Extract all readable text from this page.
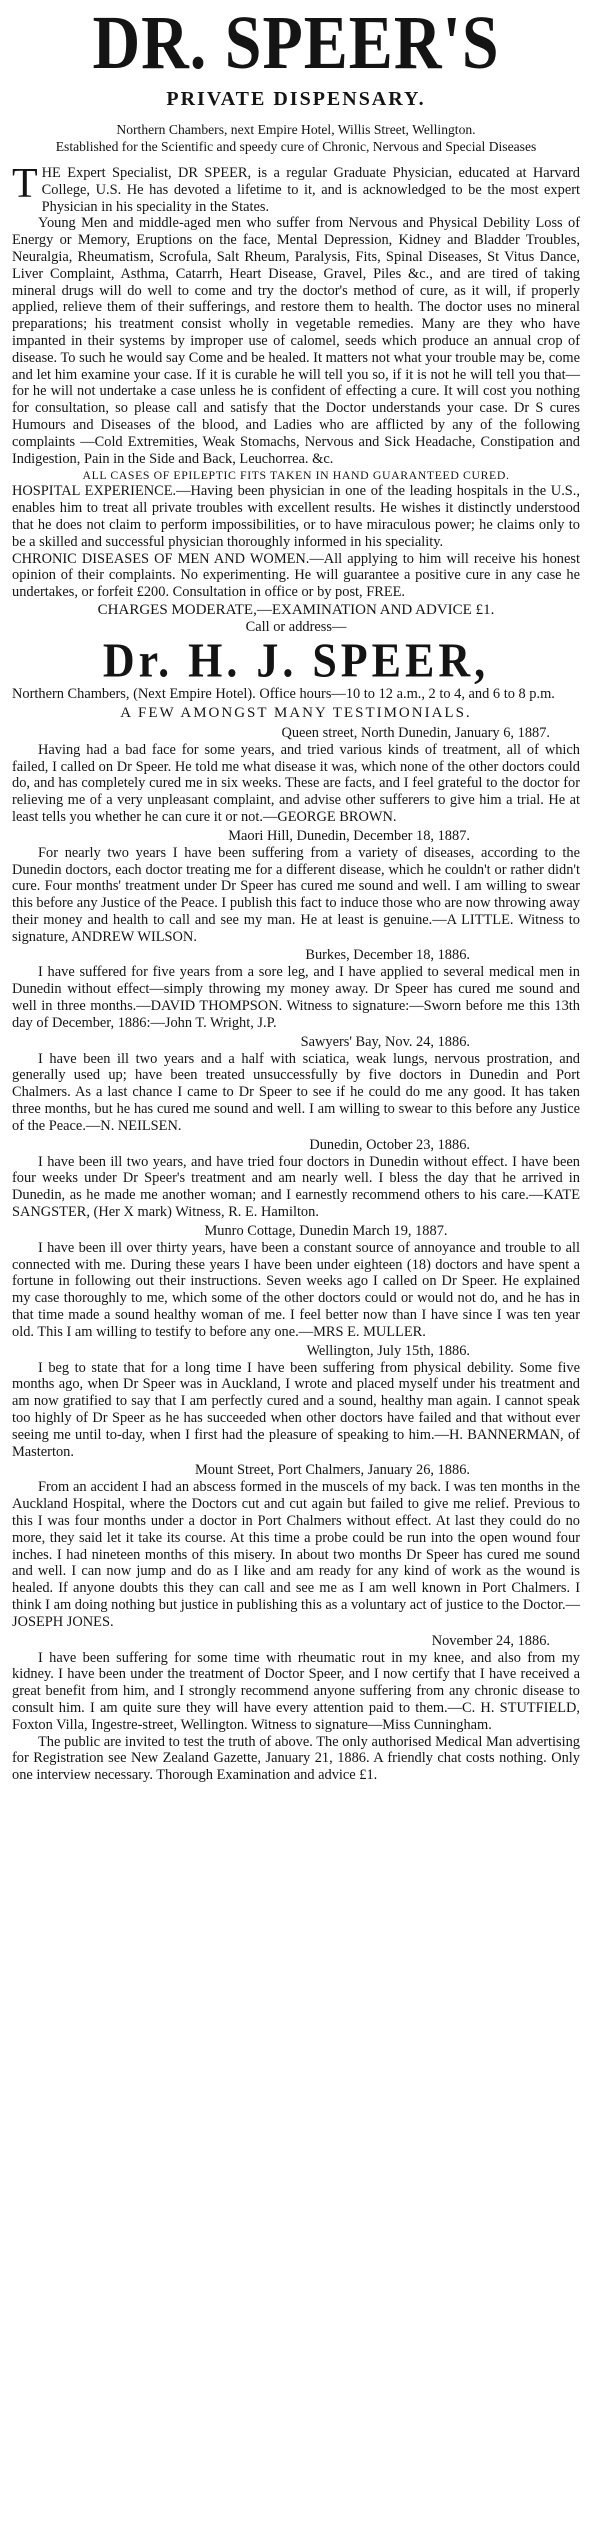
DR. SPEER'S
PRIVATE DISPENSARY.
Northern Chambers, next Empire Hotel, Willis Street, Wellington.
Established for the Scientific and speedy cure of Chronic, Nervous and Special Diseases

THE Expert Specialist, DR SPEER, is a regular Graduate Physician, educated at Harvard College, U.S. He has devoted a lifetime to it, and is acknowledged to be the most expert Physician in his speciality in the States.

Young Men and middle-aged men who suffer from Nervous and Physical Debility Loss of Energy or Memory, Eruptions on the face, Mental Depression, Kidney and Bladder Troubles, Neuralgia, Rheumatism, Scrofula, Salt Rheum, Paralysis, Fits, Spinal Diseases, St Vitus Dance, Liver Complaint, Asthma, Catarrh, Heart Disease, Gravel, Piles &c., and are tired of taking mineral drugs will do well to come and try the doctor's method of cure, as it will, if properly applied, relieve them of their sufferings, and restore them to health. The doctor uses no mineral preparations; his treatment consist wholly in vegetable remedies. Many are they who have impanted in their systems by improper use of calomel, seeds which produce an annual crop of disease. To such he would say Come and be healed. It matters not what your trouble may be, come and let him examine your case. If it is curable he will tell you so, if it is not he will tell you that—for he will not undertake a case unless he is confident of effecting a cure. It will cost you nothing for consultation, so please call and satisfy that the Doctor understands your case. Dr S cures Humours and Diseases of the blood, and Ladies who are afflicted by any of the following complaints —Cold Extremities, Weak Stomachs, Nervous and Sick Headache, Constipation and Indigestion, Pain in the Side and Back, Leuchorrea. &c.

ALL CASES OF EPILEPTIC FITS TAKEN IN HAND GUARANTEED CURED.

HOSPITAL EXPERIENCE.—Having been physician in one of the leading hospitals in the U.S., enables him to treat all private troubles with excellent results. He wishes it distinctly understood that he does not claim to perform impossibilities, or to have miraculous power; he claims only to be a skilled and successful physician thoroughly informed in his speciality.

CHRONIC DISEASES OF MEN AND WOMEN.—All applying to him will receive his honest opinion of their complaints. No experimenting. He will guarantee a positive cure in any case he undertakes, or forfeit £200. Consultation in office or by post, FREE.

CHARGES MODERATE,—EXAMINATION AND ADVICE £1.
Call or address—
Dr. H. J. SPEER,

Northern Chambers, (Next Empire Hotel). Office hours—10 to 12 a.m., 2 to 4, and 6 to 8 p.m.

A FEW AMONGST MANY TESTIMONIALS.
Queen street, North Dunedin, January 6, 1887.

Having had a bad face for some years, and tried various kinds of treatment, all of which failed, I called on Dr Speer. He told me what disease it was, which none of the other doctors could do, and has completely cured me in six weeks. These are facts, and I feel grateful to the doctor for relieving me of a very unpleasant complaint, and advise other sufferers to give him a trial. He at least tells you whether he can cure it or not.—GEORGE BROWN.

Maori Hill, Dunedin, December 18, 1887.

For nearly two years I have been suffering from a variety of diseases, according to the Dunedin doctors, each doctor treating me for a different disease, which he couldn't or rather didn't cure. Four months' treatment under Dr Speer has cured me sound and well. I am willing to swear this before any Justice of the Peace. I publish this fact to induce those who are now throwing away their money and health to call and see my man. He at least is genuine.—A LITTLE. Witness to signature, ANDREW WILSON.

Burkes, December 18, 1886.

I have suffered for five years from a sore leg, and I have applied to several medical men in Dunedin without effect—simply throwing my money away. Dr Speer has cured me sound and well in three months.—DAVID THOMPSON. Witness to signature:—Sworn before me this 13th day of December, 1886:—John T. Wright, J.P.

Sawyers' Bay, Nov. 24, 1886.

I have been ill two years and a half with sciatica, weak lungs, nervous prostration, and generally used up; have been treated unsuccessfully by five doctors in Dunedin and Port Chalmers. As a last chance I came to Dr Speer to see if he could do me any good. It has taken three months, but he has cured me sound and well. I am willing to swear to this before any Justice of the Peace.—N. NEILSEN.

Dunedin, October 23, 1886.

I have been ill two years, and have tried four doctors in Dunedin without effect. I have been four weeks under Dr Speer's treatment and am nearly well. I bless the day that he arrived in Dunedin, as he made me another woman; and I earnestly recommend others to his care.—KATE SANGSTER, (Her X mark) Witness, R. E. Hamilton.

Munro Cottage, Dunedin March 19, 1887.

I have been ill over thirty years, have been a constant source of annoyance and trouble to all connected with me. During these years I have been under eighteen (18) doctors and have spent a fortune in following out their instructions. Seven weeks ago I called on Dr Speer. He explained my case thoroughly to me, which some of the other doctors could or would not do, and he has in that time made a sound healthy woman of me. I feel better now than I have since I was ten year old. This I am willing to testify to before any one.—MRS E. MULLER.

Wellington, July 15th, 1886.

I beg to state that for a long time I have been suffering from physical debility. Some five months ago, when Dr Speer was in Auckland, I wrote and placed myself under his treatment and am now gratified to say that I am perfectly cured and a sound, healthy man again. I cannot speak too highly of Dr Speer as he has succeeded when other doctors have failed and that without ever seeing me until to-day, when I first had the pleasure of speaking to him.—H. BANNERMAN, of Masterton.

Mount Street, Port Chalmers, January 26, 1886.

From an accident I had an abscess formed in the muscels of my back. I was ten months in the Auckland Hospital, where the Doctors cut and cut again but failed to give me relief. Previous to this I was four months under a doctor in Port Chalmers without effect. At last they could do no more, they said let it take its course. At this time a probe could be run into the open wound four inches. I had nineteen months of this misery. In about two months Dr Speer has cured me sound and well. I can now jump and do as I like and am ready for any kind of work as the wound is healed. If anyone doubts this they can call and see me as I am well known in Port Chalmers. I think I am doing nothing but justice in publishing this as a voluntary act of justice to the Doctor.—JOSEPH JONES.

November 24, 1886.

I have been suffering for some time with rheumatic rout in my knee, and also from my kidney. I have been under the treatment of Doctor Speer, and I now certify that I have received a great benefit from him, and I strongly recommend anyone suffering from any chronic disease to consult him. I am quite sure they will have every attention paid to them.—C. H. STUTFIELD, Foxton Villa, Ingestre-street, Wellington. Witness to signature—Miss Cunningham.

The public are invited to test the truth of above. The only authorised Medical Man advertising for Registration see New Zealand Gazette, January 21, 1886. A friendly chat costs nothing. Only one interview necessary. Thorough Examination and advice £1.
